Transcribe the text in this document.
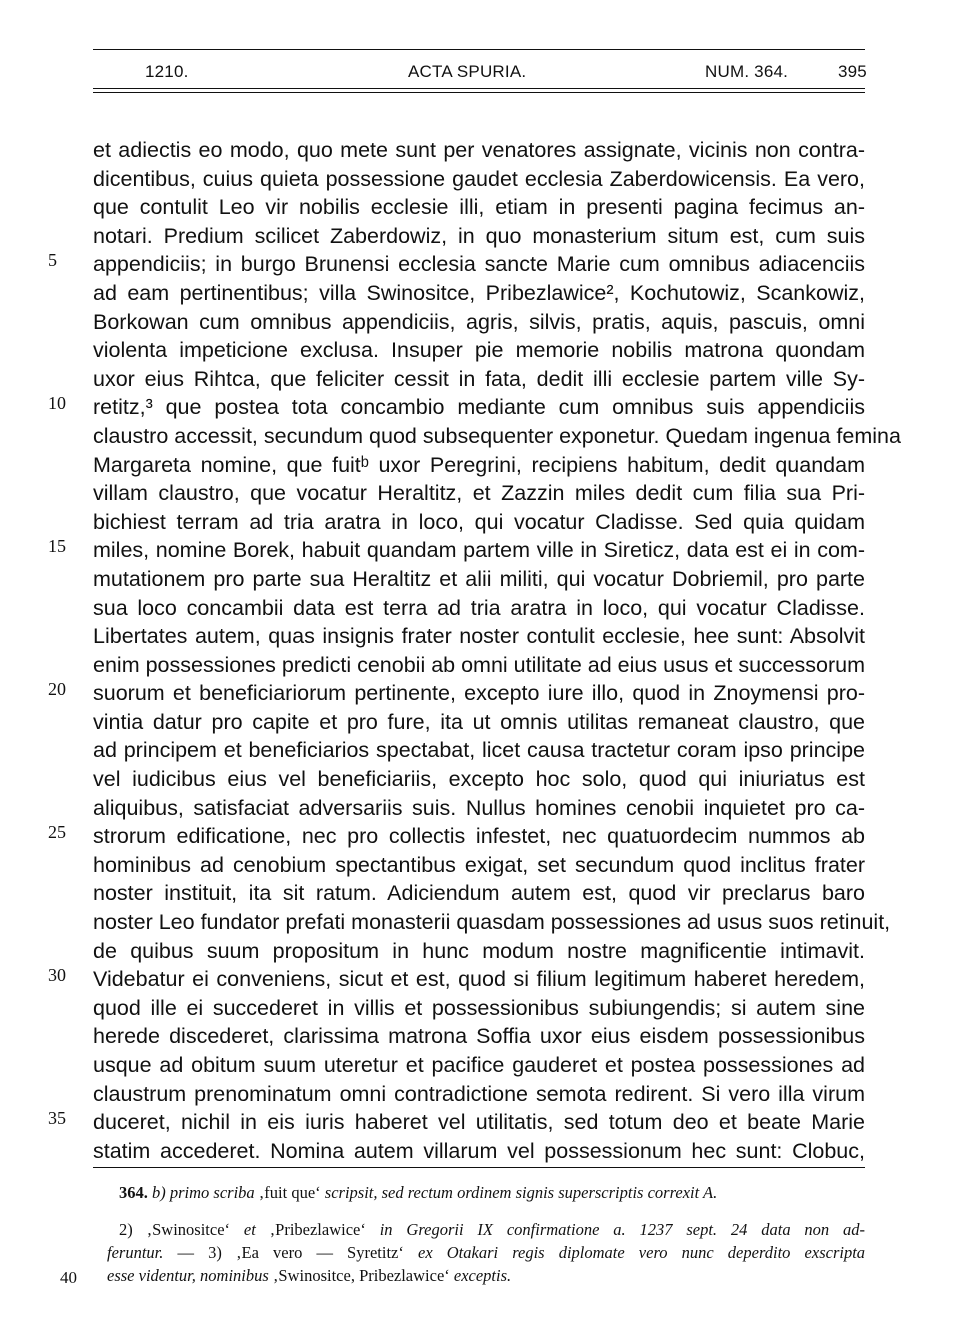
1210.	ACTA SPURIA.	NUM. 364.	395
5
10
15
20
25
30
35
et adiectis eo modo, quo mete sunt per venatores assignate, vicinis non contra-
dicentibus, cuius quieta possessione gaudet ecclesia Zaberdowicensis. Ea vero,
que contulit Leo vir nobilis ecclesie illi, etiam in presenti pagina fecimus an-
notari. Predium scilicet Zaberdowiz, in quo monasterium situm est, cum suis
appendiciis; in burgo Brunensi ecclesia sancte Marie cum omnibus adiacenciis
ad eam pertinentibus; villa Swinositce, Pribezlawice², Kochutowiz, Scankowiz,
Borkowan cum omnibus appendiciis, agris, silvis, pratis, aquis, pascuis, omni
violenta impeticione exclusa. Insuper pie memorie nobilis matrona quondam
uxor eius Rihtca, que feliciter cessit in fata, dedit illi ecclesie partem ville Sy-
retitz,³ que postea tota concambio mediante cum omnibus suis appendiciis
claustro accessit, secundum quod subsequenter exponetur. Quedam ingenua femina
Margareta nomine, que fuitᵇ uxor Peregrini, recipiens habitum, dedit quandam
villam claustro, que vocatur Heraltitz, et Zazzin miles dedit cum filia sua Pri-
bichiest terram ad tria aratra in loco, qui vocatur Cladisse. Sed quia quidam
miles, nomine Borek, habuit quandam partem ville in Sireticz, data est ei in com-
mutationem pro parte sua Heraltitz et alii militi, qui vocatur Dobriemil, pro parte
sua loco concambii data est terra ad tria aratra in loco, qui vocatur Cladisse.
Libertates autem, quas insignis frater noster contulit ecclesie, hee sunt: Absolvit
enim possessiones predicti cenobii ab omni utilitate ad eius usus et successorum
suorum et beneficiariorum pertinente, excepto iure illo, quod in Znoymensi pro-
vintia datur pro capite et pro fure, ita ut omnis utilitas remaneat claustro, que
ad principem et beneficiarios spectabat, licet causa tractetur coram ipso principe
vel iudicibus eius vel beneficiariis, excepto hoc solo, quod qui iniuriatus est
aliquibus, satisfaciat adversariis suis. Nullus homines cenobii inquietet pro ca-
strorum edificatione, nec pro collectis infestet, nec quatuordecim nummos ab
hominibus ad cenobium spectantibus exigat, set secundum quod inclitus frater
noster instituit, ita sit ratum. Adiciendum autem est, quod vir preclarus baro
noster Leo fundator prefati monasterii quasdam possessiones ad usus suos retinuit,
de quibus suum propositum in hunc modum nostre magnificentie intimavit.
Videbatur ei conveniens, sicut et est, quod si filium legitimum haberet heredem,
quod ille ei succederet in villis et possessionibus subiungendis; si autem sine
herede discederet, clarissima matrona Soffia uxor eius eisdem possessionibus
usque ad obitum suum uteretur et pacifice gauderet et postea possessiones ad
claustrum prenominatum omni contradictione semota redirent. Si vero illa virum
duceret, nichil in eis iuris haberet vel utilitatis, sed totum deo et beate Marie
statim accederet. Nomina autem villarum vel possessionum hec sunt: Clobuc,
364. b) primo scriba ‚fuit que‘ scripsit, sed rectum ordinem signis superscriptis correxit A.
2) ‚Swinositce‘ et ‚Pribezlawice‘ in Gregorii IX confirmatione a. 1237 sept. 24 data non ad-
feruntur. — 3) ‚Ea vero — Syretitz‘ ex Otakari regis diplomate vero nunc deperdito exscripta
esse videntur, nominibus ‚Swinositce, Pribezlawice‘ exceptis.
40
